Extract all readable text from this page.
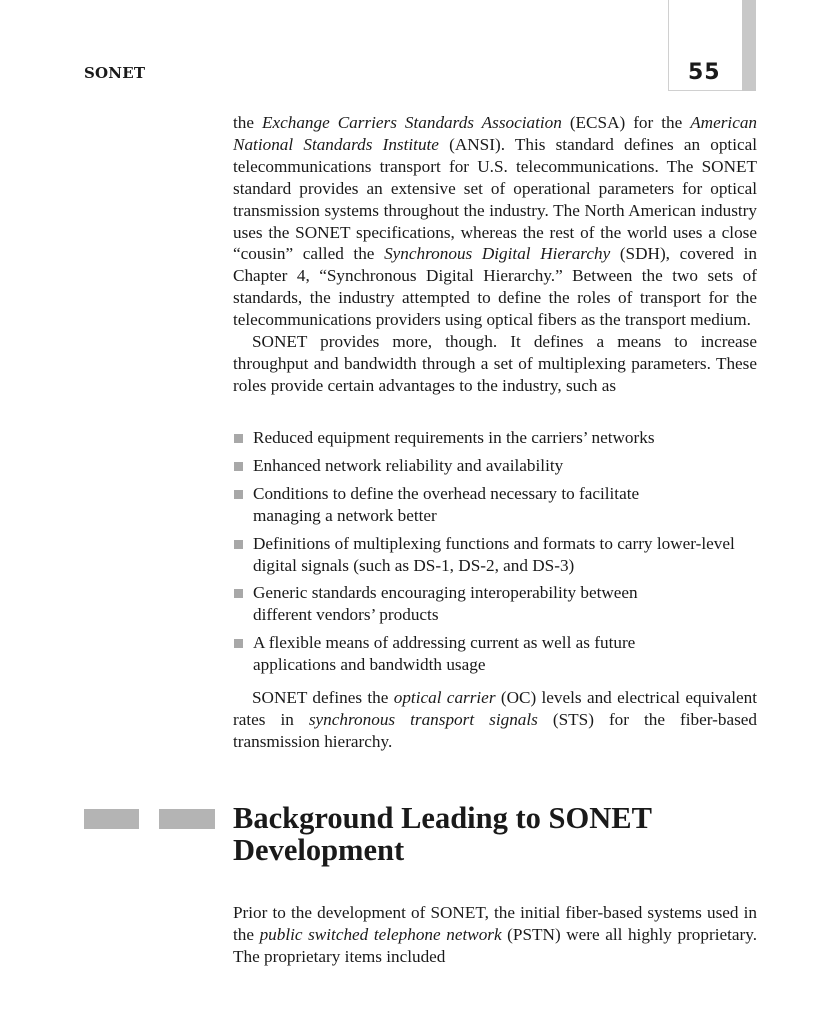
SONET	55

the Exchange Carriers Standards Association (ECSA) for the American National Standards Institute (ANSI). This standard defines an optical telecommunications transport for U.S. telecommunications. The SONET standard provides an extensive set of operational parameters for optical transmission systems throughout the industry. The North American industry uses the SONET specifications, whereas the rest of the world uses a close “cousin” called the Synchronous Digital Hierarchy (SDH), covered in Chapter 4, “Synchronous Digital Hierarchy.” Between the two sets of standards, the industry attempted to define the roles of transport for the telecommunications providers using optical fibers as the transport medium.

SONET provides more, though. It defines a means to increase throughput and bandwidth through a set of multiplexing parameters. These roles provide certain advantages to the industry, such as

Reduced equipment requirements in the carriers’ networks
Enhanced network reliability and availability
Conditions to define the overhead necessary to facilitate managing a network better
Definitions of multiplexing functions and formats to carry lower-level digital signals (such as DS-1, DS-2, and DS-3)
Generic standards encouraging interoperability between different vendors’ products
A flexible means of addressing current as well as future applications and bandwidth usage

SONET defines the optical carrier (OC) levels and electrical equivalent rates in synchronous transport signals (STS) for the fiber-based transmission hierarchy.

Background Leading to SONET Development

Prior to the development of SONET, the initial fiber-based systems used in the public switched telephone network (PSTN) were all highly proprietary. The proprietary items included
